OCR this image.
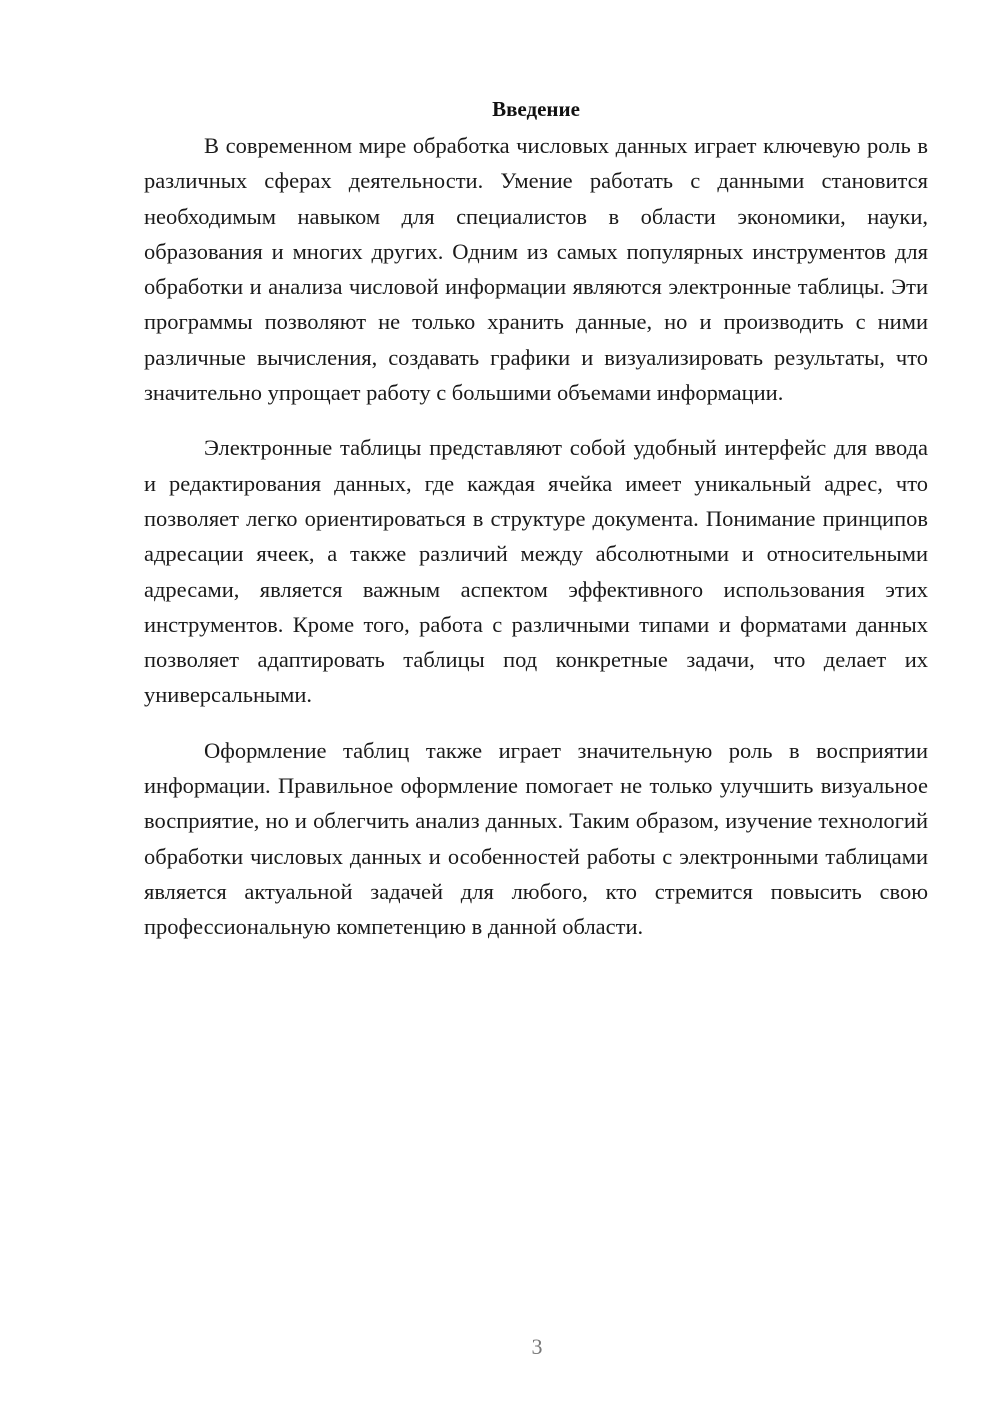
Введение

В современном мире обработка числовых данных играет ключевую роль в различных сферах деятельности. Умение работать с данными становится необходимым навыком для специалистов в области экономики, науки, образования и многих других. Одним из самых популярных инструментов для обработки и анализа числовой информации являются электронные таблицы. Эти программы позволяют не только хранить данные, но и производить с ними различные вычисления, создавать графики и визуализировать результаты, что значительно упрощает работу с большими объемами информации.

Электронные таблицы представляют собой удобный интерфейс для ввода и редактирования данных, где каждая ячейка имеет уникальный адрес, что позволяет легко ориентироваться в структуре документа. Понимание принципов адресации ячеек, а также различий между абсолютными и относительными адресами, является важным аспектом эффективного использования этих инструментов. Кроме того, работа с различными типами и форматами данных позволяет адаптировать таблицы под конкретные задачи, что делает их универсальными.

Оформление таблиц также играет значительную роль в восприятии информации. Правильное оформление помогает не только улучшить визуальное восприятие, но и облегчить анализ данных. Таким образом, изучение технологий обработки числовых данных и особенностей работы с электронными таблицами является актуальной задачей для любого, кто стремится повысить свою профессиональную компетенцию в данной области.

3
